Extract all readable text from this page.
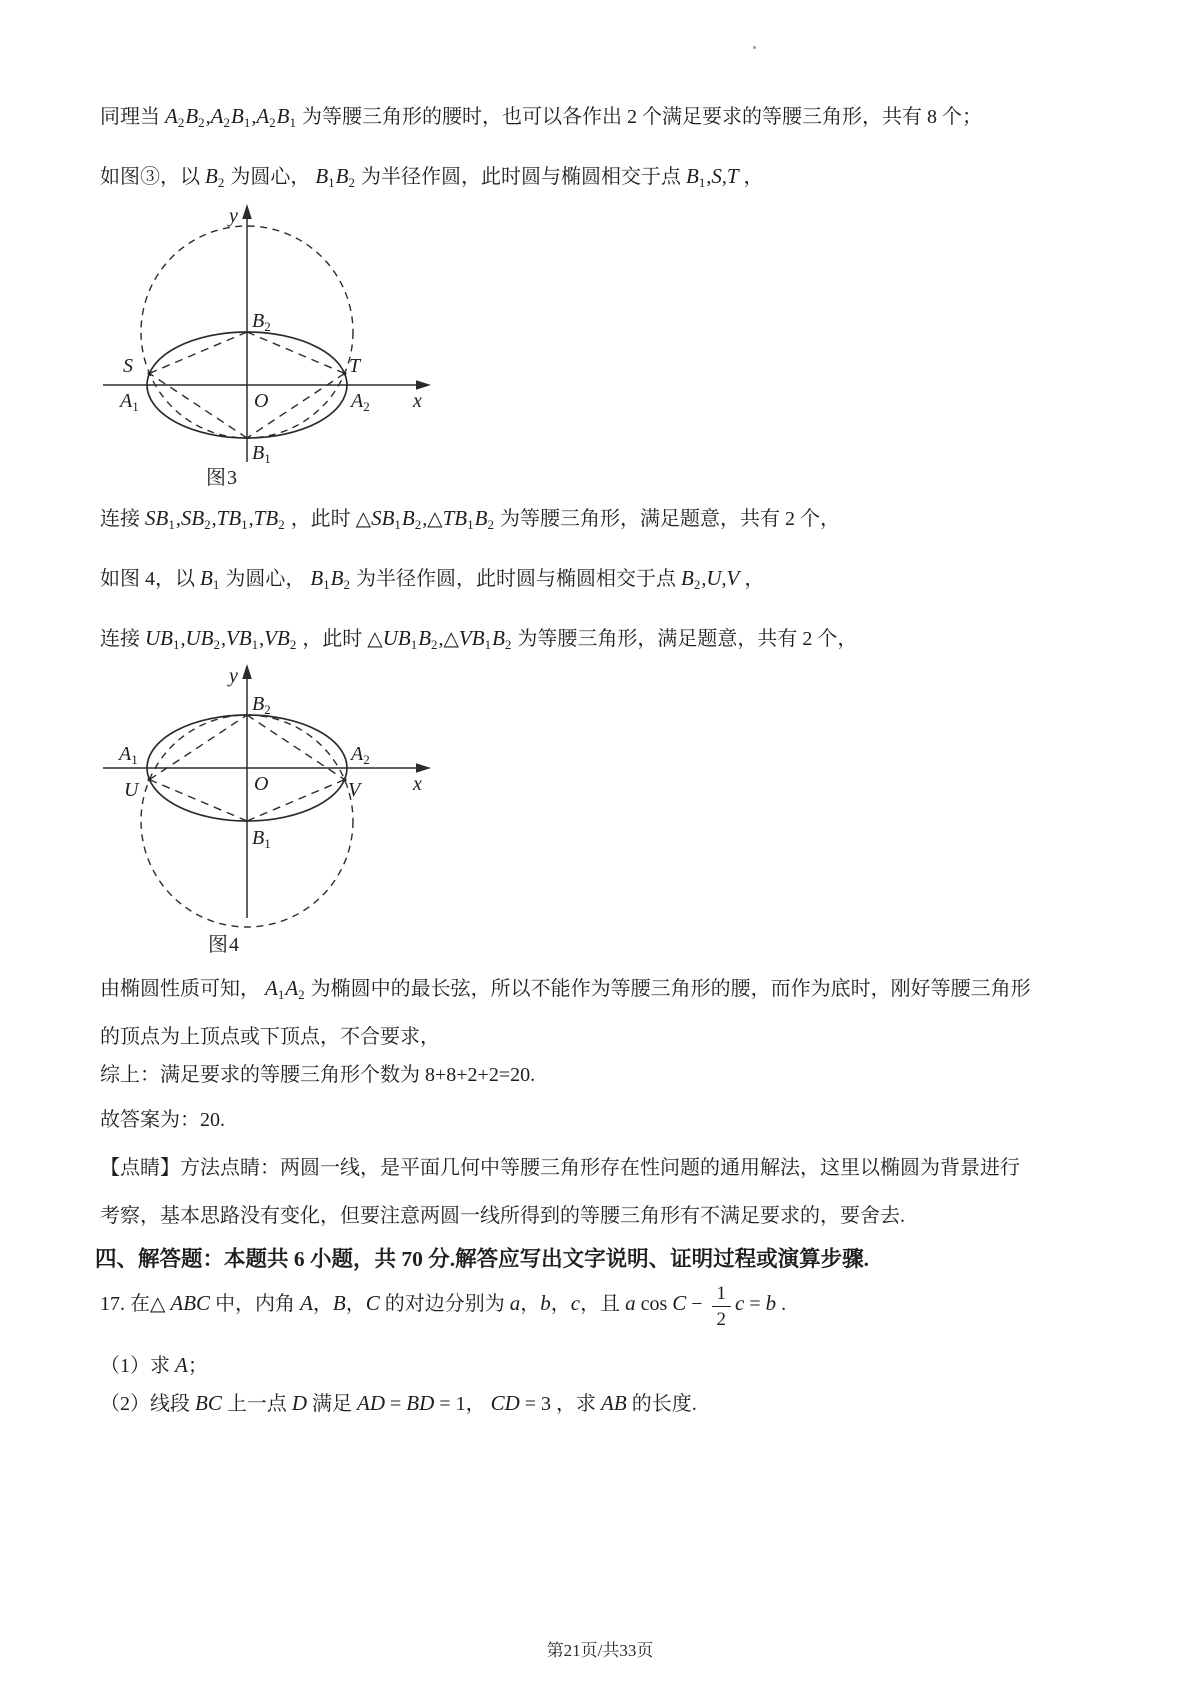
同理当 $A_2B_2,A_2B_1,A_2B_1$ 为等腰三角形的腰时，也可以各作出 2 个满足要求的等腰三角形，共有 8 个；
如图③，以 $B_2$ 为圆心， $B_1B_2$ 为半径作圆，此时圆与椭圆相交于点 $B_1,S,T$ ，
y
x
$B_2$
$B_1$
$A_1$	$A_2$
S	T
O
图3
连接 $SB_1,SB_2,TB_1,TB_2$ ，此时 $\triangle SB_1B_2,\triangle TB_1B_2$ 为等腰三角形，满足题意，共有 2 个，
如图 4，以 $B_1$ 为圆心， $B_1B_2$ 为半径作圆，此时圆与椭圆相交于点 $B_2,U,V$ ，
连接 $UB_1,UB_2,VB_1,VB_2$ ，此时 $\triangle UB_1B_2,\triangle VB_1B_2$ 为等腰三角形，满足题意，共有 2 个，
y
x
$B_2$
$B_1$
$A_1$	$A_2$
U	V
O
图4
由椭圆性质可知， $A_1A_2$ 为椭圆中的最长弦，所以不能作为等腰三角形的腰，而作为底时，刚好等腰三角形
的顶点为上顶点或下顶点，不合要求，
综上：满足要求的等腰三角形个数为 8+8+2+2=20.
故答案为：20.
【点睛】方法点睛：两圆一线，是平面几何中等腰三角形存在性问题的通用解法，这里以椭圆为背景进行
考察，基本思路没有变化，但要注意两圆一线所得到的等腰三角形有不满足要求的，要舍去.
四、解答题：本题共 6 小题，共 70 分.解答应写出文字说明、证明过程或演算步骤.
17. 在△ ABC 中，内角 A，B，C 的对边分别为 a，b，c，且 a $\cos C - \frac{1}{2}$ c = b .
（1）求 A；
（2）线段 BC 上一点 D 满足 AD = BD = 1， CD = 3 ，求 AB 的长度.
第21页/共33页
